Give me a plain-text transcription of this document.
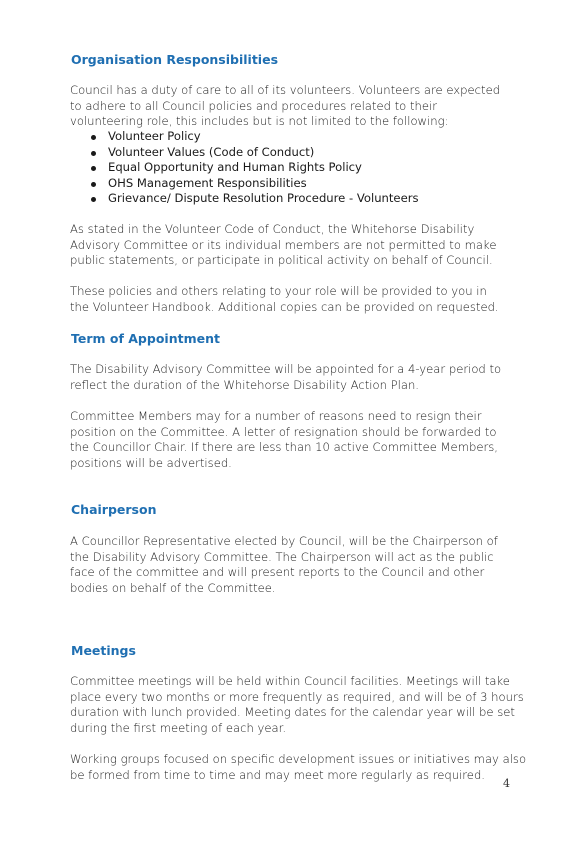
Organisation Responsibilities

Council has a duty of care to all of its volunteers. Volunteers are expected
to adhere to all Council policies and procedures related to their
volunteering role, this includes but is not limited to the following:

Volunteer Policy
Volunteer Values (Code of Conduct)
Equal Opportunity and Human Rights Policy
OHS Management Responsibilities
Grievance/ Dispute Resolution Procedure - Volunteers

As stated in the Volunteer Code of Conduct, the Whitehorse Disability
Advisory Committee or its individual members are not permitted to make
public statements, or participate in political activity on behalf of Council.

These policies and others relating to your role will be provided to you in
the Volunteer Handbook. Additional copies can be provided on requested.

Term of Appointment

The Disability Advisory Committee will be appointed for a 4-year period to
reflect the duration of the Whitehorse Disability Action Plan.

Committee Members may for a number of reasons need to resign their
position on the Committee. A letter of resignation should be forwarded to
the Councillor Chair. If there are less than 10 active Committee Members,
positions will be advertised.

Chairperson

A Councillor Representative elected by Council, will be the Chairperson of
the Disability Advisory Committee. The Chairperson will act as the public
face of the committee and will present reports to the Council and other
bodies on behalf of the Committee.

Meetings

Committee meetings will be held within Council facilities. Meetings will take
place every two months or more frequently as required, and will be of 3 hours
duration with lunch provided. Meeting dates for the calendar year will be set
during the first meeting of each year.

Working groups focused on specific development issues or initiatives may also
be formed from time to time and may meet more regularly as required.

4
